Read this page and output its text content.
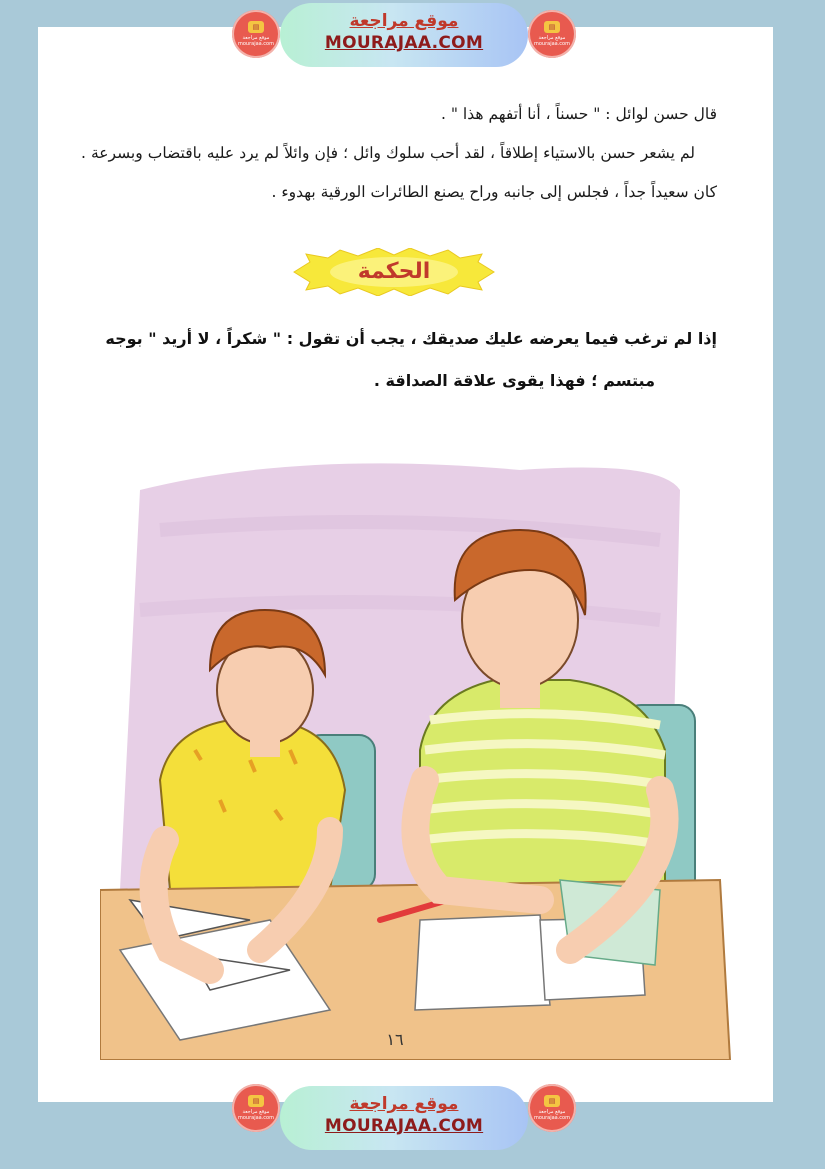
▤
موقع مراجعة
mourajaa.com
موقع مراجعة
MOURAJAA.COM
▤
موقع مراجعة
mourajaa.com

قال حسن لوائل : " حسناً ، أنا أتفهم هذا " .

لم يشعر حسن بالاستياء إطلاقاً ، لقد أحب سلوك وائل ؛ فإن وائلاً لم يرد عليه باقتضاب وبسرعة . كان سعيداً جداً ، فجلس إلى جانبه وراح يصنع الطائرات الورقية بهدوء .

الحكمة

إذا لم ترغب فيما يعرضه عليك صديقك ، يجب أن تقول : " شكراً ، لا أريد " بوجه

مبتسم ؛ فهذا يقوى علاقة الصداقة .

١٦
▤
موقع مراجعة
mourajaa.com
موقع مراجعة
MOURAJAA.COM
▤
موقع مراجعة
mourajaa.com
